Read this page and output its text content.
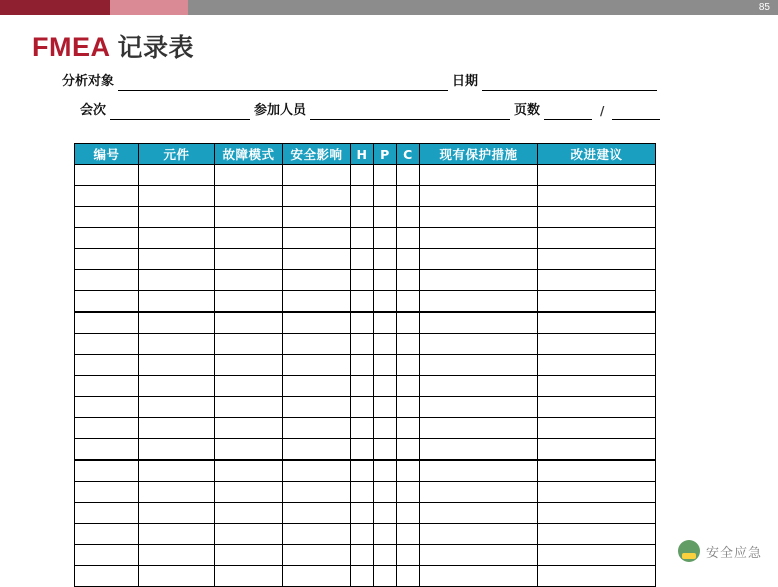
85
FMEA 记录表
分析对象	日期
会次	参加人员	页数	/
编号	元件	故障模式	安全影响	H	P	C	现有保护措施	改进建议

安全应急
